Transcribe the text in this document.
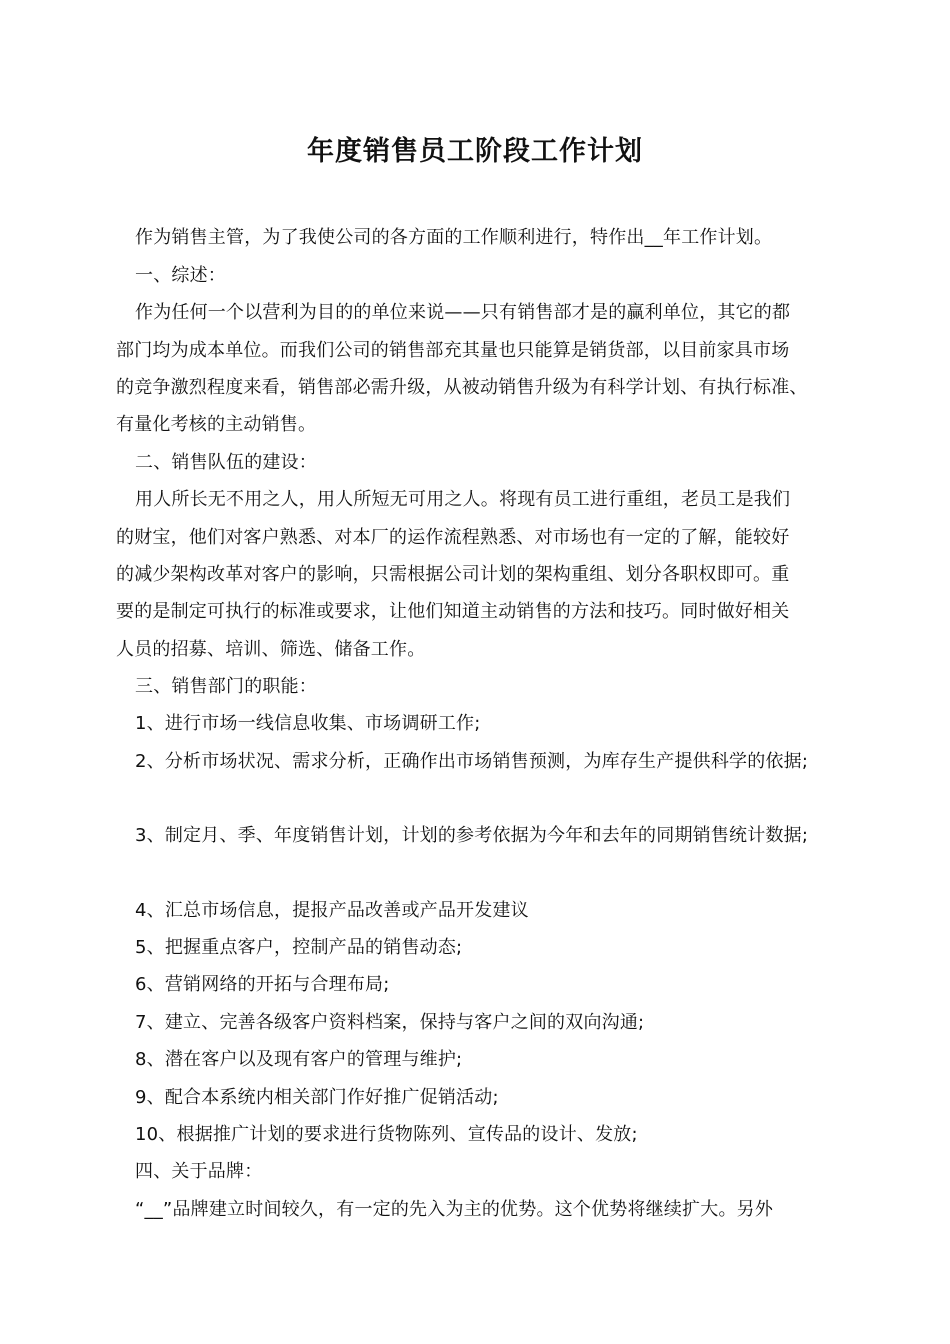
年度销售员工阶段工作计划
作为销售主管，为了我使公司的各方面的工作顺利进行，特作出__年工作计划。
一、综述：
作为任何一个以营利为目的的单位来说——只有销售部才是的赢利单位，其它的都
部门均为成本单位。而我们公司的销售部充其量也只能算是销货部，以目前家具市场
的竞争激烈程度来看，销售部必需升级，从被动销售升级为有科学计划、有执行标准、
有量化考核的主动销售。
二、销售队伍的建设：
用人所长无不用之人，用人所短无可用之人。将现有员工进行重组，老员工是我们
的财宝，他们对客户熟悉、对本厂的运作流程熟悉、对市场也有一定的了解，能较好
的减少架构改革对客户的影响，只需根据公司计划的架构重组、划分各职权即可。重
要的是制定可执行的标准或要求，让他们知道主动销售的方法和技巧。同时做好相关
人员的招募、培训、筛选、储备工作。
三、销售部门的职能：
1、进行市场一线信息收集、市场调研工作;
2、分析市场状况、需求分析，正确作出市场销售预测，为库存生产提供科学的依据;
3、制定月、季、年度销售计划，计划的参考依据为今年和去年的同期销售统计数据;
4、汇总市场信息，提报产品改善或产品开发建议
5、把握重点客户，控制产品的销售动态;
6、营销网络的开拓与合理布局;
7、建立、完善各级客户资料档案，保持与客户之间的双向沟通;
8、潜在客户以及现有客户的管理与维护;
9、配合本系统内相关部门作好推广促销活动;
10、根据推广计划的要求进行货物陈列、宣传品的设计、发放;
四、关于品牌：
“__”品牌建立时间较久，有一定的先入为主的优势。这个优势将继续扩大。另外
